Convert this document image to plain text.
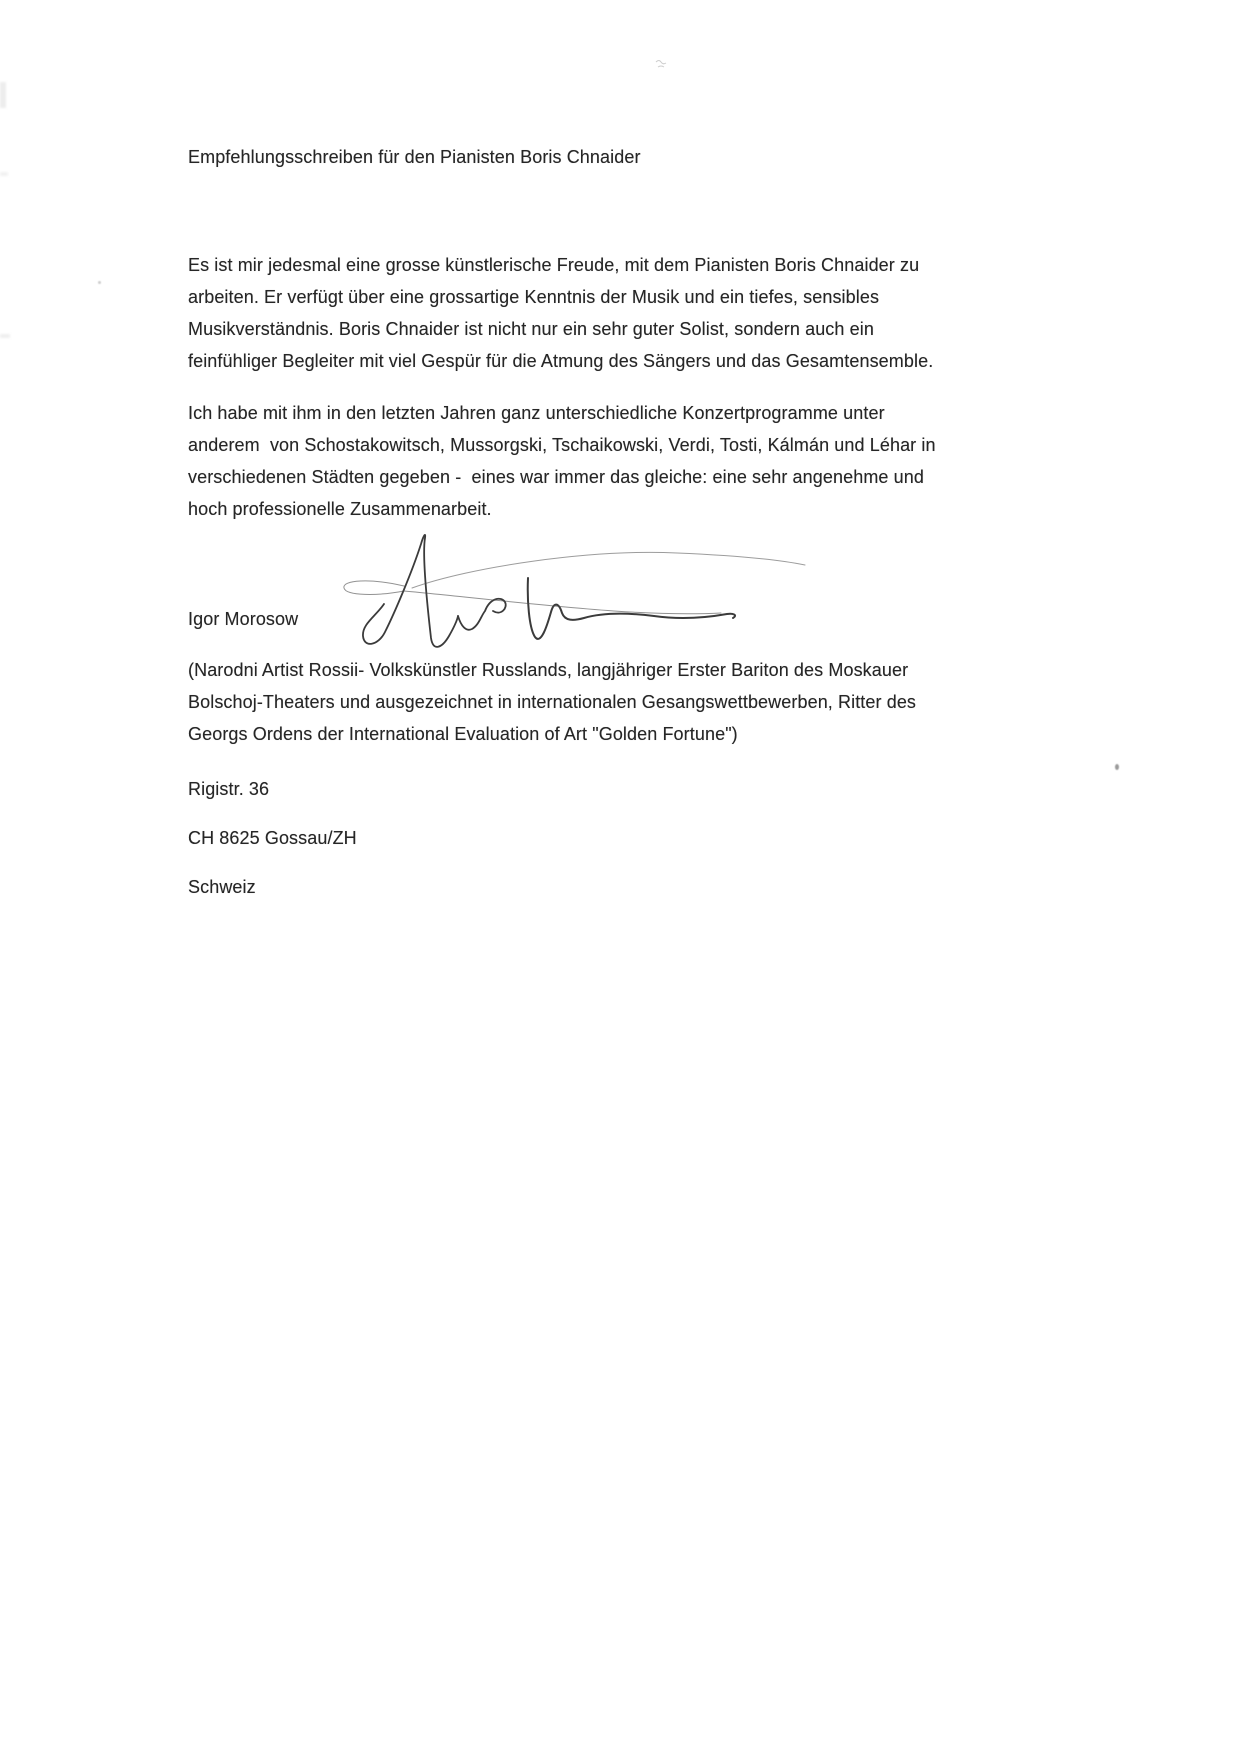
Empfehlungsschreiben für den Pianisten Boris Chnaider
Es ist mir jedesmal eine grosse künstlerische Freude, mit dem Pianisten Boris Chnaider zu
arbeiten. Er verfügt über eine grossartige Kenntnis der Musik und ein tiefes, sensibles
Musikverständnis. Boris Chnaider ist nicht nur ein sehr guter Solist, sondern auch ein
feinfühliger Begleiter mit viel Gespür für die Atmung des Sängers und das Gesamtensemble.
Ich habe mit ihm in den letzten Jahren ganz unterschiedliche Konzertprogramme unter
anderem  von Schostakowitsch, Mussorgski, Tschaikowski, Verdi, Tosti, Kálmán und Léhar in
verschiedenen Städten gegeben -  eines war immer das gleiche: eine sehr angenehme und
hoch professionelle Zusammenarbeit.
Igor Morosow
(Narodni Artist Rossii- Volkskünstler Russlands, langjähriger Erster Bariton des Moskauer
Bolschoj-Theaters und ausgezeichnet in internationalen Gesangswettbewerben, Ritter des
Georgs Ordens der International Evaluation of Art "Golden Fortune")
Rigistr. 36
CH 8625 Gossau/ZH
Schweiz
